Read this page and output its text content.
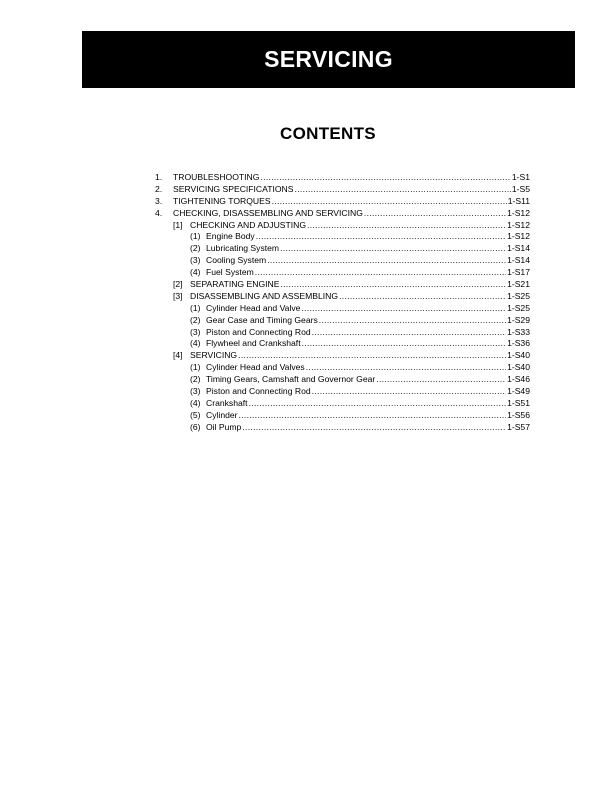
SERVICING
CONTENTS
1.	TROUBLESHOOTING .....	1-S1
2.	SERVICING SPECIFICATIONS .....	1-S5
3.	TIGHTENING TORQUES .....	1-S11
4.	CHECKING, DISASSEMBLING AND SERVICING .....	1-S12
[1] CHECKING AND ADJUSTING .....	1-S12
(1) Engine Body .....	1-S12
(2) Lubricating System .....	1-S14
(3) Cooling System .....	1-S14
(4) Fuel System .....	1-S17
[2] SEPARATING ENGINE .....	1-S21
[3] DISASSEMBLING AND ASSEMBLING .....	1-S25
(1) Cylinder Head and Valve .....	1-S25
(2) Gear Case and Timing Gears .....	1-S29
(3) Piston and Connecting Rod .....	1-S33
(4) Flywheel and Crankshaft .....	1-S36
[4] SERVICING .....	1-S40
(1) Cylinder Head and Valves .....	1-S40
(2) Timing Gears, Camshaft and Governor Gear .....	1-S46
(3) Piston and Connecting Rod .....	1-S49
(4) Crankshaft .....	1-S51
(5) Cylinder .....	1-S56
(6) Oil Pump .....	1-S57
